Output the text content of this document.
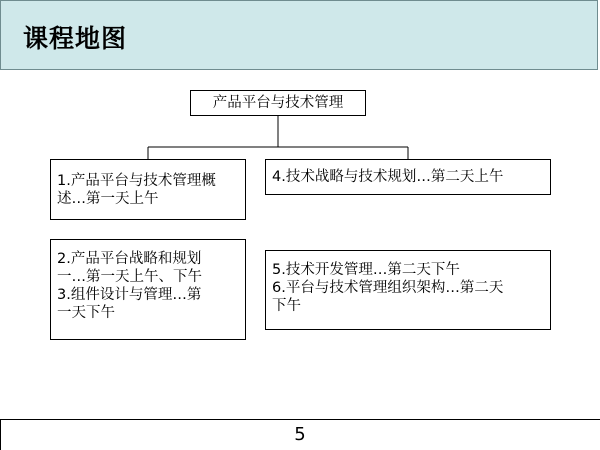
课程地图
产品平台与技术管理
1.产品平台与技术管理概
述…第一天上午
2.产品平台战略和规划
一…第一天上午、下午
3.组件设计与管理…第
一天下午
4.技术战略与技术规划…第二天上午
5.技术开发管理…第二天下午
6.平台与技术管理组织架构…第二天
下午
5
